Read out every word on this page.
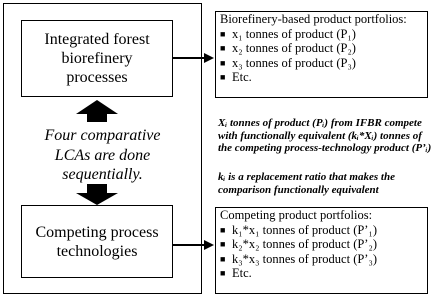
Integrated forest
biorefinery
processes
Four comparative
LCAs are done
sequentially.
Competing process
technologies
Biorefinery-based product portfolios:
■ x₁ tonnes of product (P₁)
■ x₂ tonnes of product (P₂)
■ x₃ tonnes of product (P₃)
■ Etc.
Xᵢ tonnes of product (Pᵢ) from IFBR compete
with functionally equivalent (kᵢ*Xᵢ) tonnes of
the competing process-technology product (P’ᵢ)
kᵢ is a replacement ratio that makes the
comparison functionally equivalent
Competing product portfolios:
■ k₁*x₁ tonnes of product (P’₁)
■ k₂*x₂ tonnes of product (P’₂)
■ k₃*x₃ tonnes of product (P’₃)
■ Etc.
